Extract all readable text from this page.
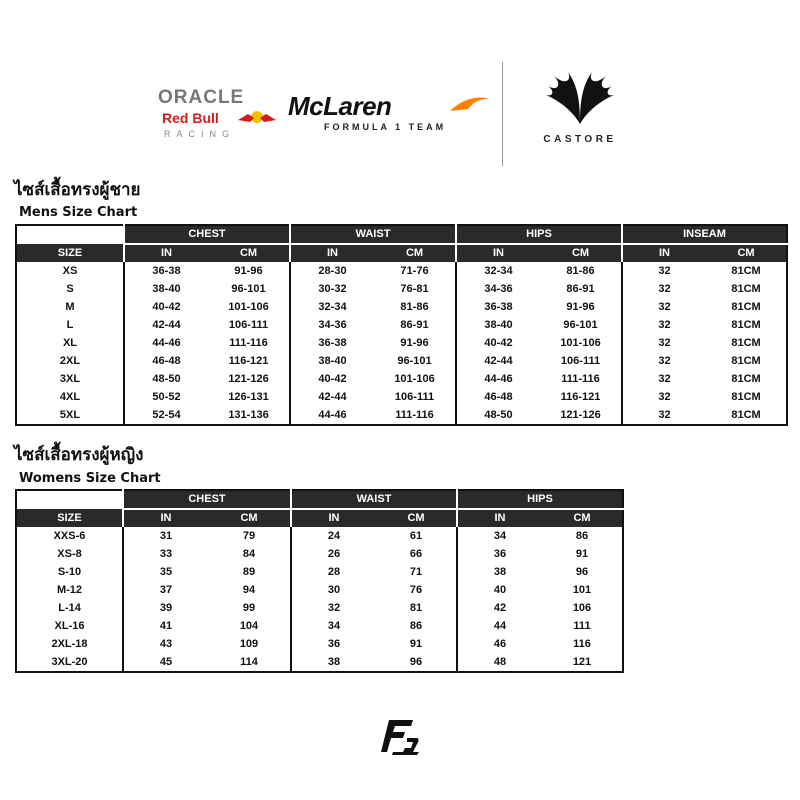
ORACLE
Red Bull
RACING
McLaren
FORMULA 1 TEAM
CASTORE
ไซส์เสื้อทรงผู้ชาย
Mens Size Chart
	CHEST		WAIST		HIPS		INSEAM	
SIZE	IN	CM	IN	CM	IN	CM	IN	CM
XS	36-38	91-96	28-30	71-76	32-34	81-86	32	81CM
S	38-40	96-101	30-32	76-81	34-36	86-91	32	81CM
M	40-42	101-106	32-34	81-86	36-38	91-96	32	81CM
L	42-44	106-111	34-36	86-91	38-40	96-101	32	81CM
XL	44-46	111-116	36-38	91-96	40-42	101-106	32	81CM
2XL	46-48	116-121	38-40	96-101	42-44	106-111	32	81CM
3XL	48-50	121-126	40-42	101-106	44-46	111-116	32	81CM
4XL	50-52	126-131	42-44	106-111	46-48	116-121	32	81CM
5XL	52-54	131-136	44-46	111-116	48-50	121-126	32	81CM
ไซส์เสื้อทรงผู้หญิง
Womens Size Chart
	CHEST		WAIST		HIPS	
SIZE	IN	CM	IN	CM	IN	CM
XXS-6	31	79	24	61	34	86
XS-8	33	84	26	66	36	91
S-10	35	89	28	71	38	96
M-12	37	94	30	76	40	101
L-14	39	99	32	81	42	106
XL-16	41	104	34	86	44	111
2XL-18	43	109	36	91	46	116
3XL-20	45	114	38	96	48	121
